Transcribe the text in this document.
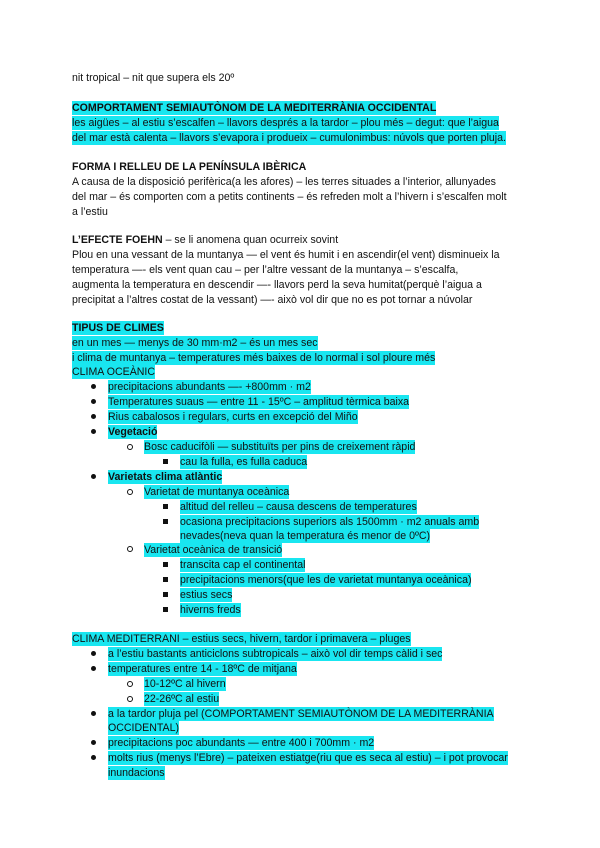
nit tropical – nit que supera els 20º
COMPORTAMENT SEMIAUTÒNOM DE LA MEDITERRÀNIA OCCIDENTAL
les aigües – al estiu s’escalfen – llavors després a la tardor – plou més – degut: que l’aigua
del mar està calenta – llavors s’evapora i produeix – cumulonimbus: núvols que porten pluja.
FORMA I RELLEU DE LA PENÍNSULA IBÈRICA
A causa de la disposició perifèrica(a les afores) – les terres situades a l’interior, allunyades
del mar – és comporten com a petits continents – és refreden molt a l’hivern i s’escalfen molt
a l’estiu
L’EFECTE FOEHN – se li anomena quan ocurreix sovint
Plou en una vessant de la muntanya — el vent és humit i en ascendir(el vent) disminueix la
temperatura —- els vent quan cau – per l’altre vessant de la muntanya – s’escalfa,
augmenta la temperatura en descendir —- llavors perd la seva humitat(perquè l’aigua a
precipitat a l’altres costat de la vessant) —- això vol dir que no es pot tornar a núvolar
TIPUS DE CLIMES
en un mes — menys de 30 mm·m2 – és un mes sec
i clima de muntanya – temperatures més baixes de lo normal i sol ploure més
CLIMA OCEÀNIC
precipitacions abundants —- +800mm · m2
Temperatures suaus — entre 11 - 15ºC – amplitud tèrmica baixa
Rius cabalosos i regulars, curts en excepció del Miño
Vegetació
Bosc caducifòli — substituïts per pins de creixement ràpid
cau la fulla, es fulla caduca
Varietats clima atlàntic
Varietat de muntanya oceànica
altitud del relleu – causa descens de temperatures
ocasiona precipitacions superiors als 1500mm · m2 anuals amb
nevades(neva quan la temperatura és menor de 0ºC)
Varietat oceànica de transició
transcita cap el continental
precipitacions menors(que les de varietat muntanya oceànica)
estius secs
hiverns freds
CLIMA MEDITERRANI – estius secs, hivern, tardor i primavera – pluges
a l’estiu bastants anticiclons subtropicals – això vol dir temps càlid i sec
temperatures entre 14 - 18ºC de mitjana
10-12ºC al hivern
22-26ºC al estiu
a la tardor pluja pel (COMPORTAMENT SEMIAUTÒNOM DE LA MEDITERRÀNIA
OCCIDENTAL)
precipitacions poc abundants — entre 400 i 700mm · m2
molts rius (menys l’Ebre) – pateixen estiatge(riu que es seca al estiu) – i pot provocar
inundacions
